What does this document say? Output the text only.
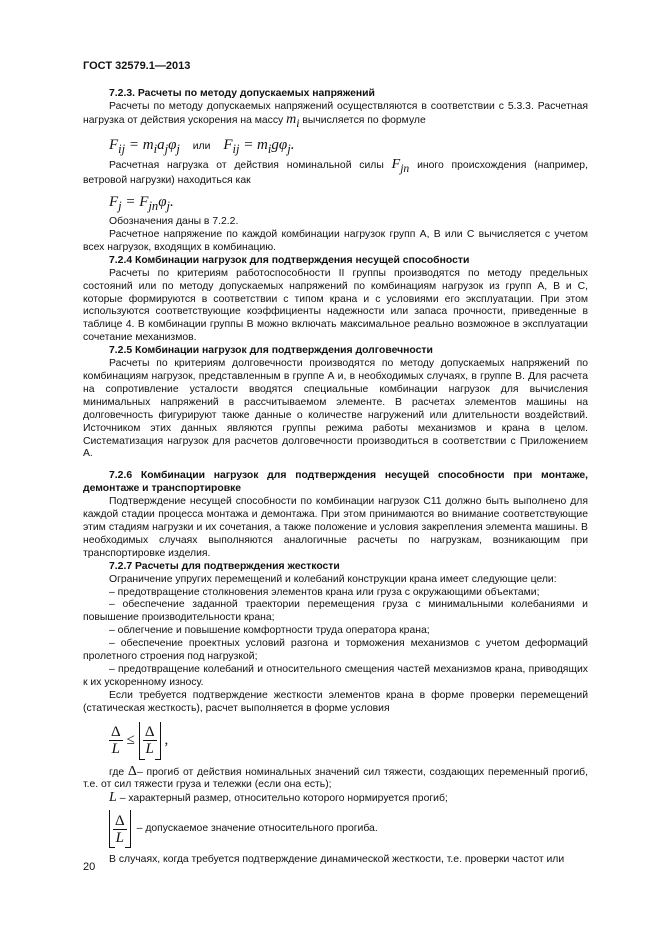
ГОСТ 32579.1—2013

7.2.3. Расчеты по методу допускаемых напряжений

Расчеты по методу допускаемых напряжений осуществляются в соответствии с 5.3.3. Расчетная нагрузка от действия ускорения на массу $m_i$ вычисляется по формуле

$F_{ij} = m_ia_j\varphi_j$ или $F_{ij} = m_ig\varphi_j$.

Расчетная нагрузка от действия номинальной силы $F_{jn}$ иного происхождения (например, ветровой нагрузки) находиться как

$F_j = F_{jn}\varphi_j$.

Обозначения даны в 7.2.2.

Расчетное напряжение по каждой комбинации нагрузок групп А, В или С вычисляется с учетом всех нагрузок, входящих в комбинацию.

7.2.4 Комбинации нагрузок для подтверждения несущей способности

Расчеты по критериям работоспособности II группы производятся по методу предельных состояний или по методу допускаемых напряжений по комбинациям нагрузок из групп А, В и С, которые формируются в соответствии с типом крана и с условиями его эксплуатации. При этом используются соответствующие коэффициенты надежности или запаса прочности, приведенные в таблице 4. В комбинации группы В можно включать максимальное реально возможное в эксплуатации сочетание механизмов.

7.2.5 Комбинации нагрузок для подтверждения долговечности

Расчеты по критериям долговечности производятся по методу допускаемых напряжений по комбинациям нагрузок, представленным в группе А и, в необходимых случаях, в группе В. Для расчета на сопротивление усталости вводятся специальные комбинации нагрузок для вычисления минимальных напряжений в рассчитываемом элементе. В расчетах элементов машины на долговечность фигурируют также данные о количестве нагружений или длительности воздействий. Источником этих данных являются группы режима работы механизмов и крана в целом. Систематизация нагрузок для расчетов долговечности производиться в соответствии с Приложением А.

7.2.6 Комбинации нагрузок для подтверждения несущей способности при монтаже, демонтаже и транспортировке

Подтверждение несущей способности по комбинации нагрузок С11 должно быть выполнено для каждой стадии процесса монтажа и демонтажа. При этом принимаются во внимание соответствующие этим стадиям нагрузки и их сочетания, а также положение и условия закрепления элемента машины. В необходимых случаях выполняются аналогичные расчеты по нагрузкам, возникающим при транспортировке изделия.

7.2.7 Расчеты для подтверждения жесткости

Ограничение упругих перемещений и колебаний конструкции крана имеет следующие цели:

– предотвращение столкновения элементов крана или груза с окружающими объектами;

– обеспечение заданной траектории перемещения груза с минимальными колебаниями и повышение производительности крана;

– облегчение и повышение комфортности труда оператора крана;

– обеспечение проектных условий разгона и торможения механизмов с учетом деформаций пролетного строения под нагрузкой;

– предотвращение колебаний и относительного смещения частей механизмов крана, приводящих к их ускоренному износу.

Если требуется подтверждение жесткости элементов крана в форме проверки перемещений (статическая жесткость), расчет выполняется в форме условия

$\frac{\Delta}{L} \le \frac{\Delta}{L}$ ,

где Δ– прогиб от действия номинальных значений сил тяжести, создающих переменный прогиб, т.е. от сил тяжести груза и тележки (если она есть);

L – характерный размер, относительно которого нормируется прогиб;

$\frac{\Delta}{L}$ – допускаемое значение относительного прогиба.

В случаях, когда требуется подтверждение динамической жесткости, т.е. проверки частот или

20
